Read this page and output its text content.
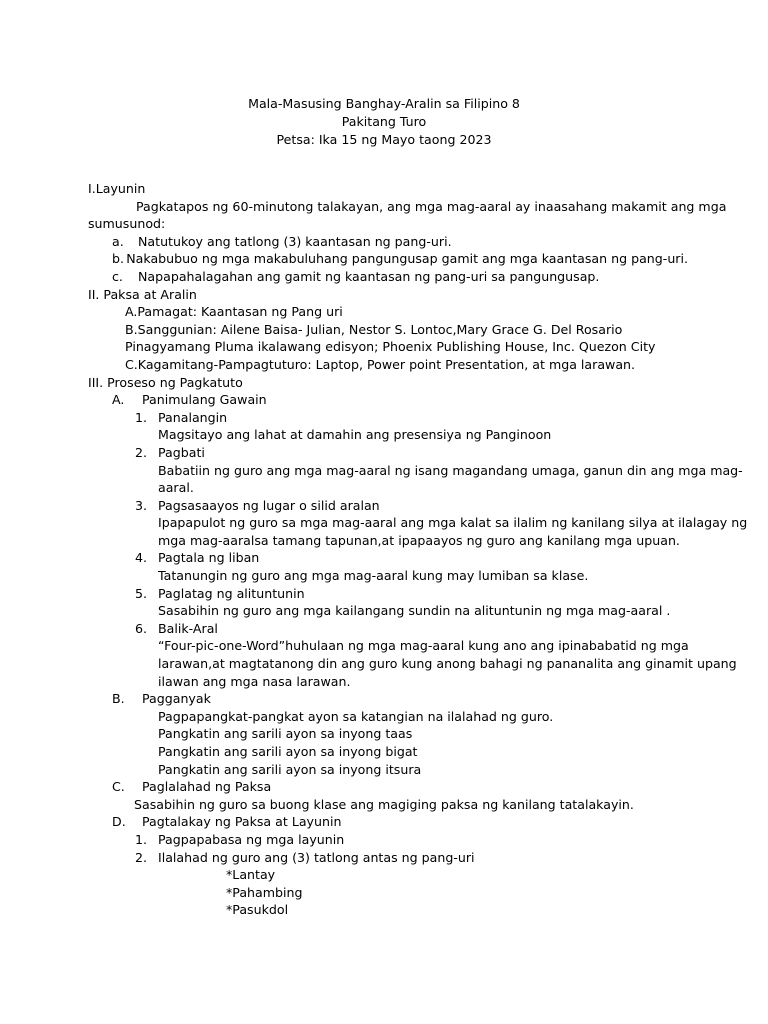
Mala-Masusing Banghay-Aralin sa Filipino 8
Pakitang Turo
Petsa: Ika 15 ng Mayo taong 2023
I.Layunin
Pagkatapos ng 60-minutong talakayan, ang mga mag-aaral ay inaasahang makamit ang mga
sumusunod:
a.	Natutukoy ang tatlong (3) kaantasan ng pang-uri.
b. Nakabubuo ng mga makabuluhang pangungusap gamit ang mga kaantasan ng pang-uri.
c.	Napapahalagahan ang gamit ng kaantasan ng pang-uri sa pangungusap.
II. Paksa at Aralin
A.Pamagat: Kaantasan ng Pang uri
B.Sanggunian: Ailene Baisa- Julian, Nestor S. Lontoc,Mary Grace G. Del Rosario
Pinagyamang Pluma ikalawang edisyon; Phoenix Publishing House, Inc. Quezon City
C.Kagamitang-Pampagtuturo: Laptop, Power point Presentation, at mga larawan.
III. Proseso ng Pagkatuto
A.	Panimulang Gawain
1. Panalangin
Magsitayo ang lahat at damahin ang presensiya ng Panginoon
2. Pagbati
Babatiin ng guro ang mga mag-aaral ng isang magandang umaga, ganun din ang mga mag-
aaral.
3. Pagsasaayos ng lugar o silid aralan
Ipapapulot ng guro sa mga mag-aaral ang mga kalat sa ilalim ng kanilang silya at ilalagay ng
mga mag-aaralsa tamang tapunan,at ipapaayos ng guro ang kanilang mga upuan.
4. Pagtala ng liban
Tatanungin ng guro ang mga mag-aaral kung may lumiban sa klase.
5. Paglatag ng alituntunin
Sasabihin ng guro ang mga kailangang sundin na alituntunin ng mga mag-aaral .
6. Balik-Aral
“Four-pic-one-Word”huhulaan ng mga mag-aaral kung ano ang ipinababatid ng mga
larawan,at magtatanong din ang guro kung anong bahagi ng pananalita ang ginamit upang
ilawan ang mga nasa larawan.
B.	Pagganyak
Pagpapangkat-pangkat ayon sa katangian na ilalahad ng guro.
Pangkatin ang sarili ayon sa inyong taas
Pangkatin ang sarili ayon sa inyong bigat
Pangkatin ang sarili ayon sa inyong itsura
C.	Paglalahad ng Paksa
Sasabihin ng guro sa buong klase ang magiging paksa ng kanilang tatalakayin.
D.	Pagtalakay ng Paksa at Layunin
1. Pagpapabasa ng mga layunin
2. Ilalahad ng guro ang (3) tatlong antas ng pang-uri
*Lantay
*Pahambing
*Pasukdol
